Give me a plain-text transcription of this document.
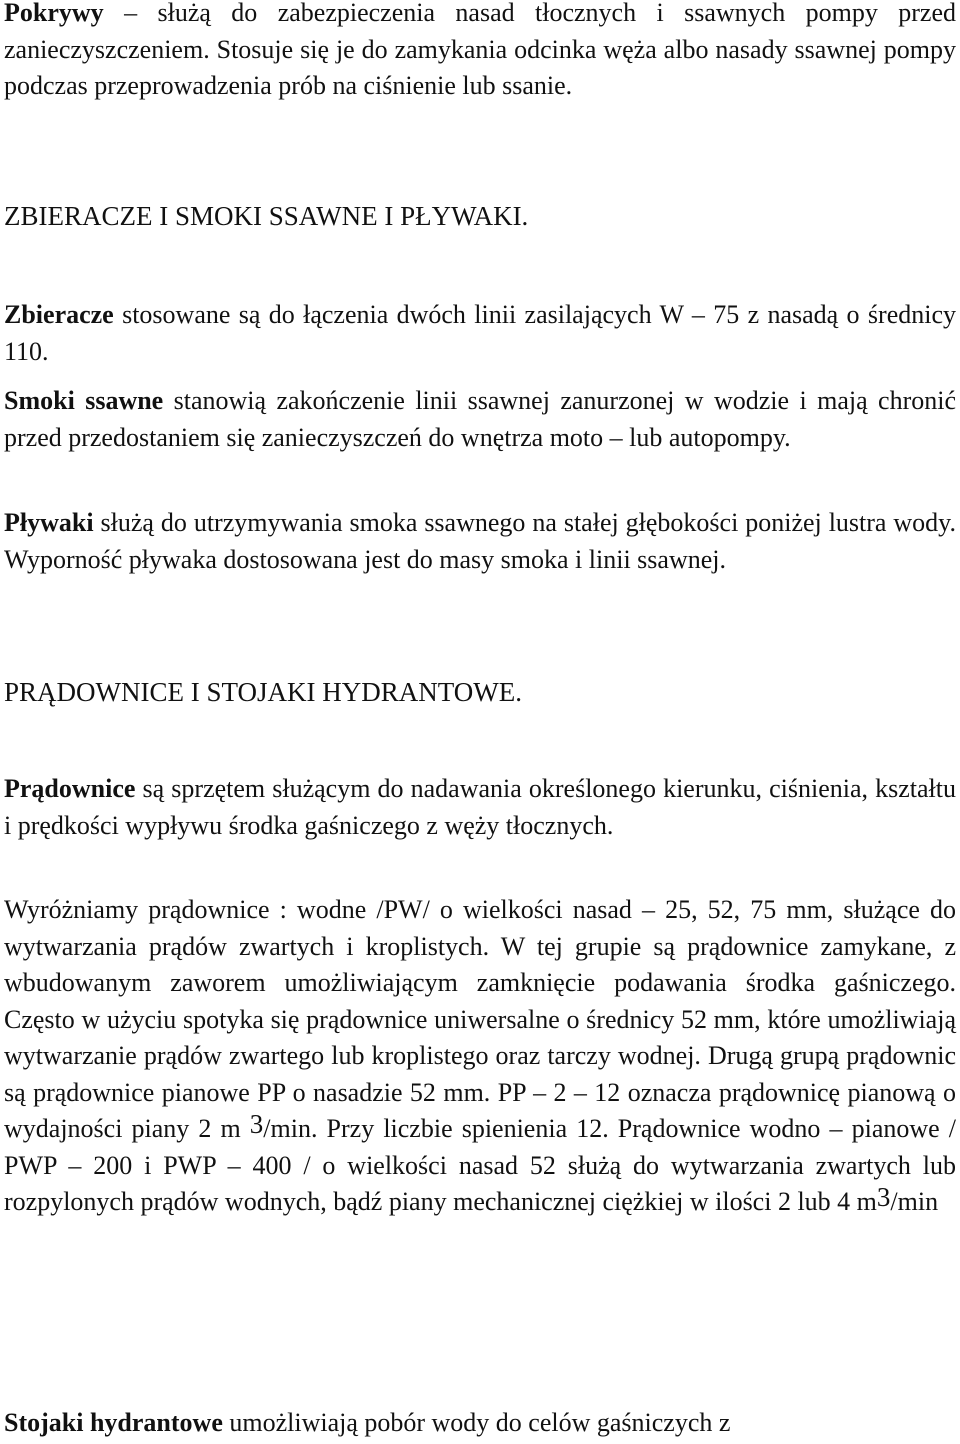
Pokrywy – służą do zabezpieczenia nasad tłocznych i ssawnych pompy przed zanieczyszczeniem. Stosuje się je do zamykania odcinka węża albo nasady ssawnej pompy podczas przeprowadzenia prób na ciśnienie lub ssanie.

ZBIERACZE I SMOKI SSAWNE I PŁYWAKI.

Zbieracze stosowane są do łączenia dwóch linii zasilających W – 75 z nasadą o średnicy 110.

Smoki ssawne stanowią zakończenie linii ssawnej zanurzonej w wodzie i mają chronić przed przedostaniem się zanieczyszczeń do wnętrza moto – lub autopompy.

Pływaki służą do utrzymywania smoka ssawnego na stałej głębokości poniżej lustra wody. Wyporność pływaka dostosowana jest do masy smoka i linii ssawnej.

PRĄDOWNICE I STOJAKI HYDRANTOWE.

Prądownice są sprzętem służącym do nadawania określonego kierunku, ciśnienia, kształtu i prędkości wypływu środka gaśniczego z węży tłocznych.

Wyróżniamy prądownice : wodne /PW/ o wielkości nasad – 25, 52, 75 mm, służące do wytwarzania prądów zwartych i kroplistych. W tej grupie są prądownice zamykane, z wbudowanym zaworem umożliwiającym zamknięcie podawania środka gaśniczego. Często w użyciu spotyka się prądownice uniwersalne o średnicy 52 mm, które umożliwiają wytwarzanie prądów zwartego lub kroplistego oraz tarczy wodnej. Drugą grupą prądownic są prądownice pianowe PP o nasadzie 52 mm. PP – 2 – 12 oznacza prądownicę pianową o wydajności piany 2 m $^3$/min. Przy liczbie spienienia 12. Prądownice wodno – pianowe / PWP – 200 i PWP – 400 / o wielkości nasad 52 służą do wytwarzania zwartych lub rozpylonych prądów wodnych, bądź piany mechanicznej ciężkiej w ilości 2 lub 4 $m^3/\min$

Stojaki hydrantowe umożliwiają pobór wody do celów gaśniczych z
